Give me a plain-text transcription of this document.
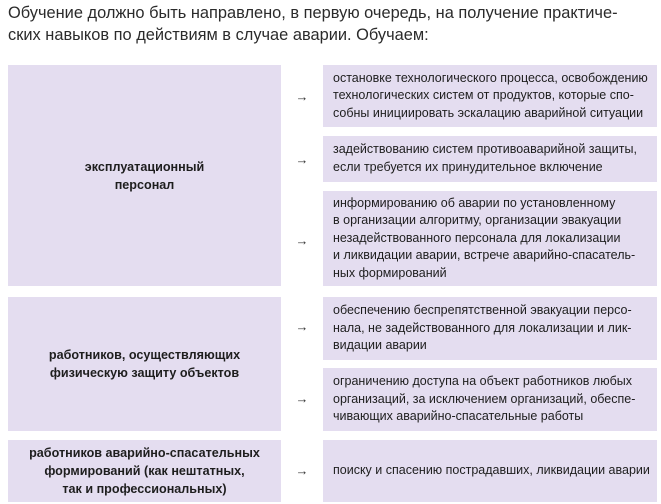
Обучение должно быть направлено, в первую очередь, на получение практиче-
ских навыков по действиям в случае аварии. Обучаем:
эксплуатационный
персонал
→
остановке технологического процесса, освобождению
технологических систем от продуктов, которые спо-
собны инициировать эскалацию аварийной ситуации
→
задействованию систем противоаварийной защиты,
если требуется их принудительное включение
→
информированию об аварии по установленному
в организации алгоритму, организации эвакуации
незадействованного персонала для локализации
и ликвидации аварии, встрече аварийно-спасатель-
ных формирований
работников, осуществляющих
физическую защиту объектов
→
обеспечению беспрепятственной эвакуации персо-
нала, не задействованного для локализации и лик-
видации аварии
→
ограничению доступа на объект работников любых
организаций, за исключением организаций, обеспе-
чивающих аварийно-спасательные работы
работников аварийно-спасательных
формирований (как нештатных,
так и профессиональных)
→ поиску и спасению пострадавших, ликвидации аварии
